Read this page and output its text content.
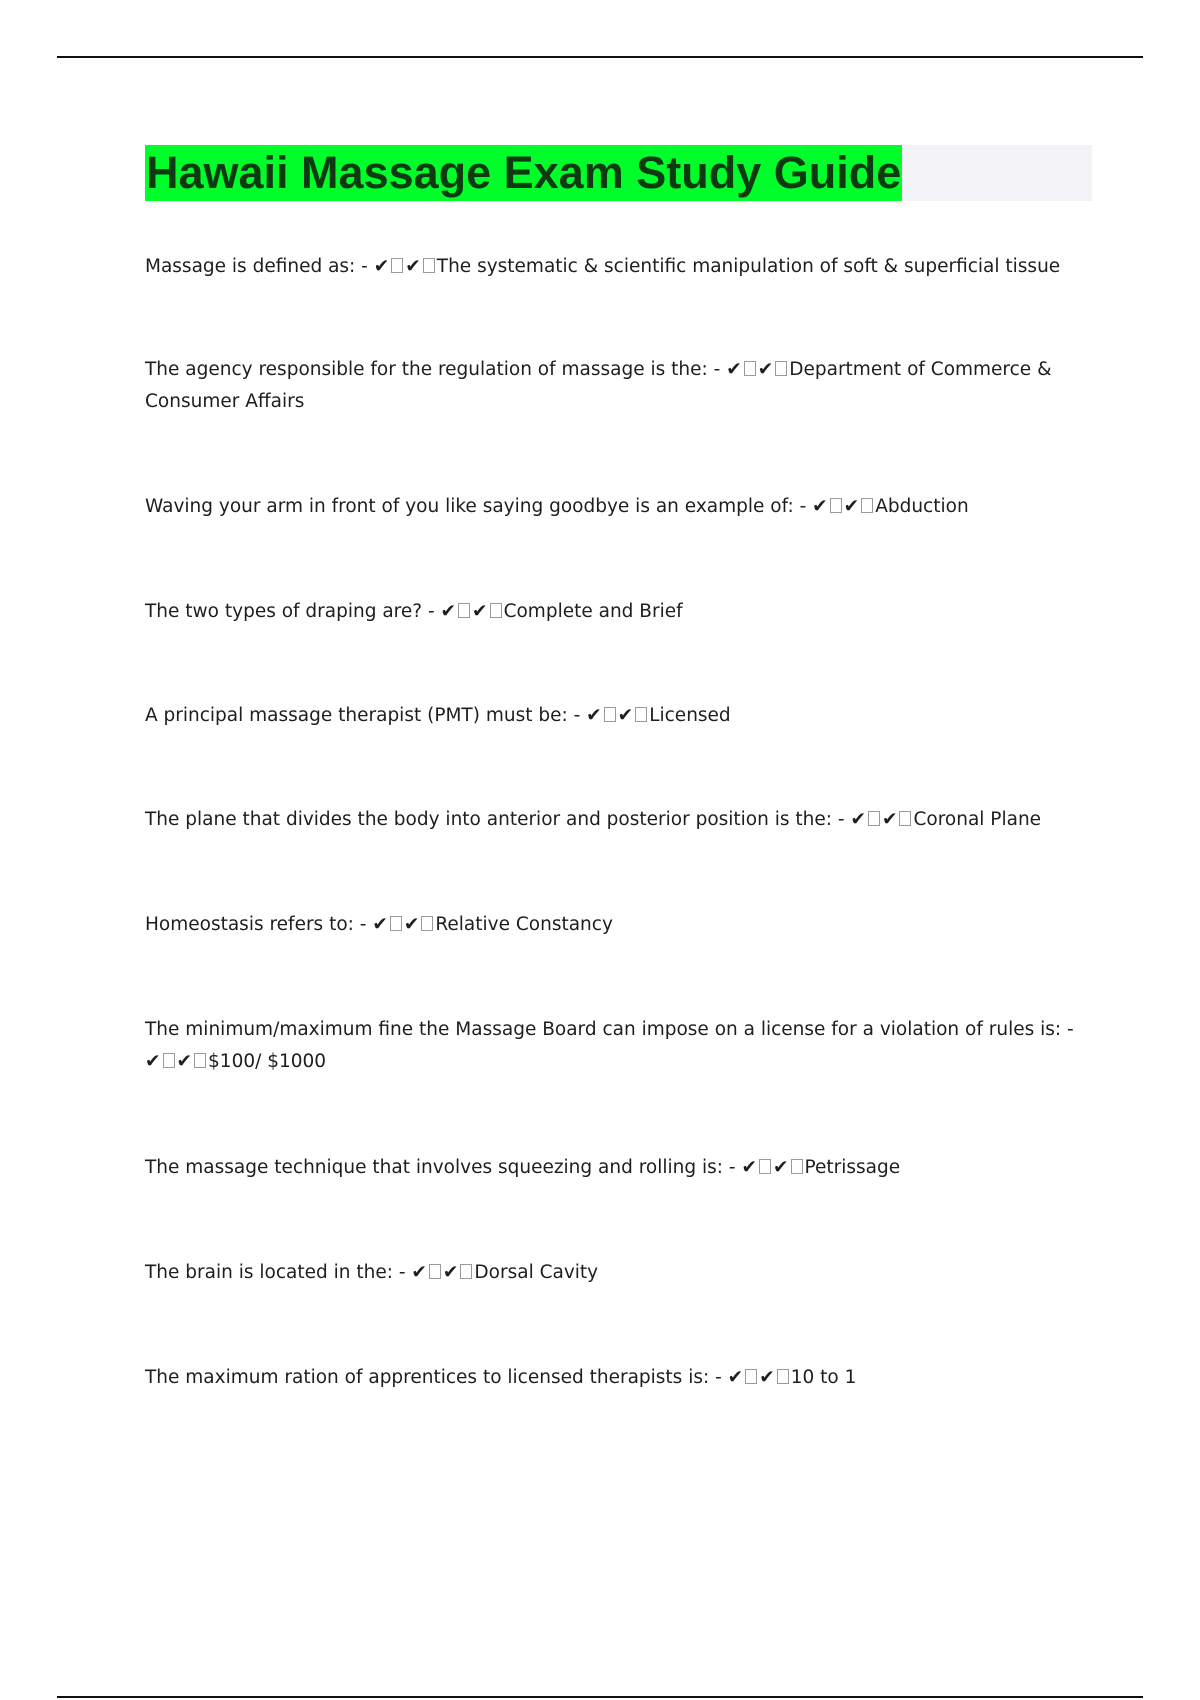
Hawaii Massage Exam Study Guide
Massage is defined as: - ✔ ✔ The systematic & scientific manipulation of soft & superficial tissue
The agency responsible for the regulation of massage is the: - ✔ ✔ Department of Commerce & Consumer Affairs
Waving your arm in front of you like saying goodbye is an example of: - ✔ ✔ Abduction
The two types of draping are? - ✔ ✔ Complete and Brief
A principal massage therapist (PMT) must be: - ✔ ✔ Licensed
The plane that divides the body into anterior and posterior position is the: - ✔ ✔ Coronal Plane
Homeostasis refers to: - ✔ ✔ Relative Constancy
The minimum/maximum fine the Massage Board can impose on a license for a violation of rules is: - ✔ ✔ $100/ $1000
The massage technique that involves squeezing and rolling is: - ✔ ✔ Petrissage
The brain is located in the: - ✔ ✔ Dorsal Cavity
The maximum ration of apprentices to licensed therapists is: - ✔ ✔ 10 to 1
